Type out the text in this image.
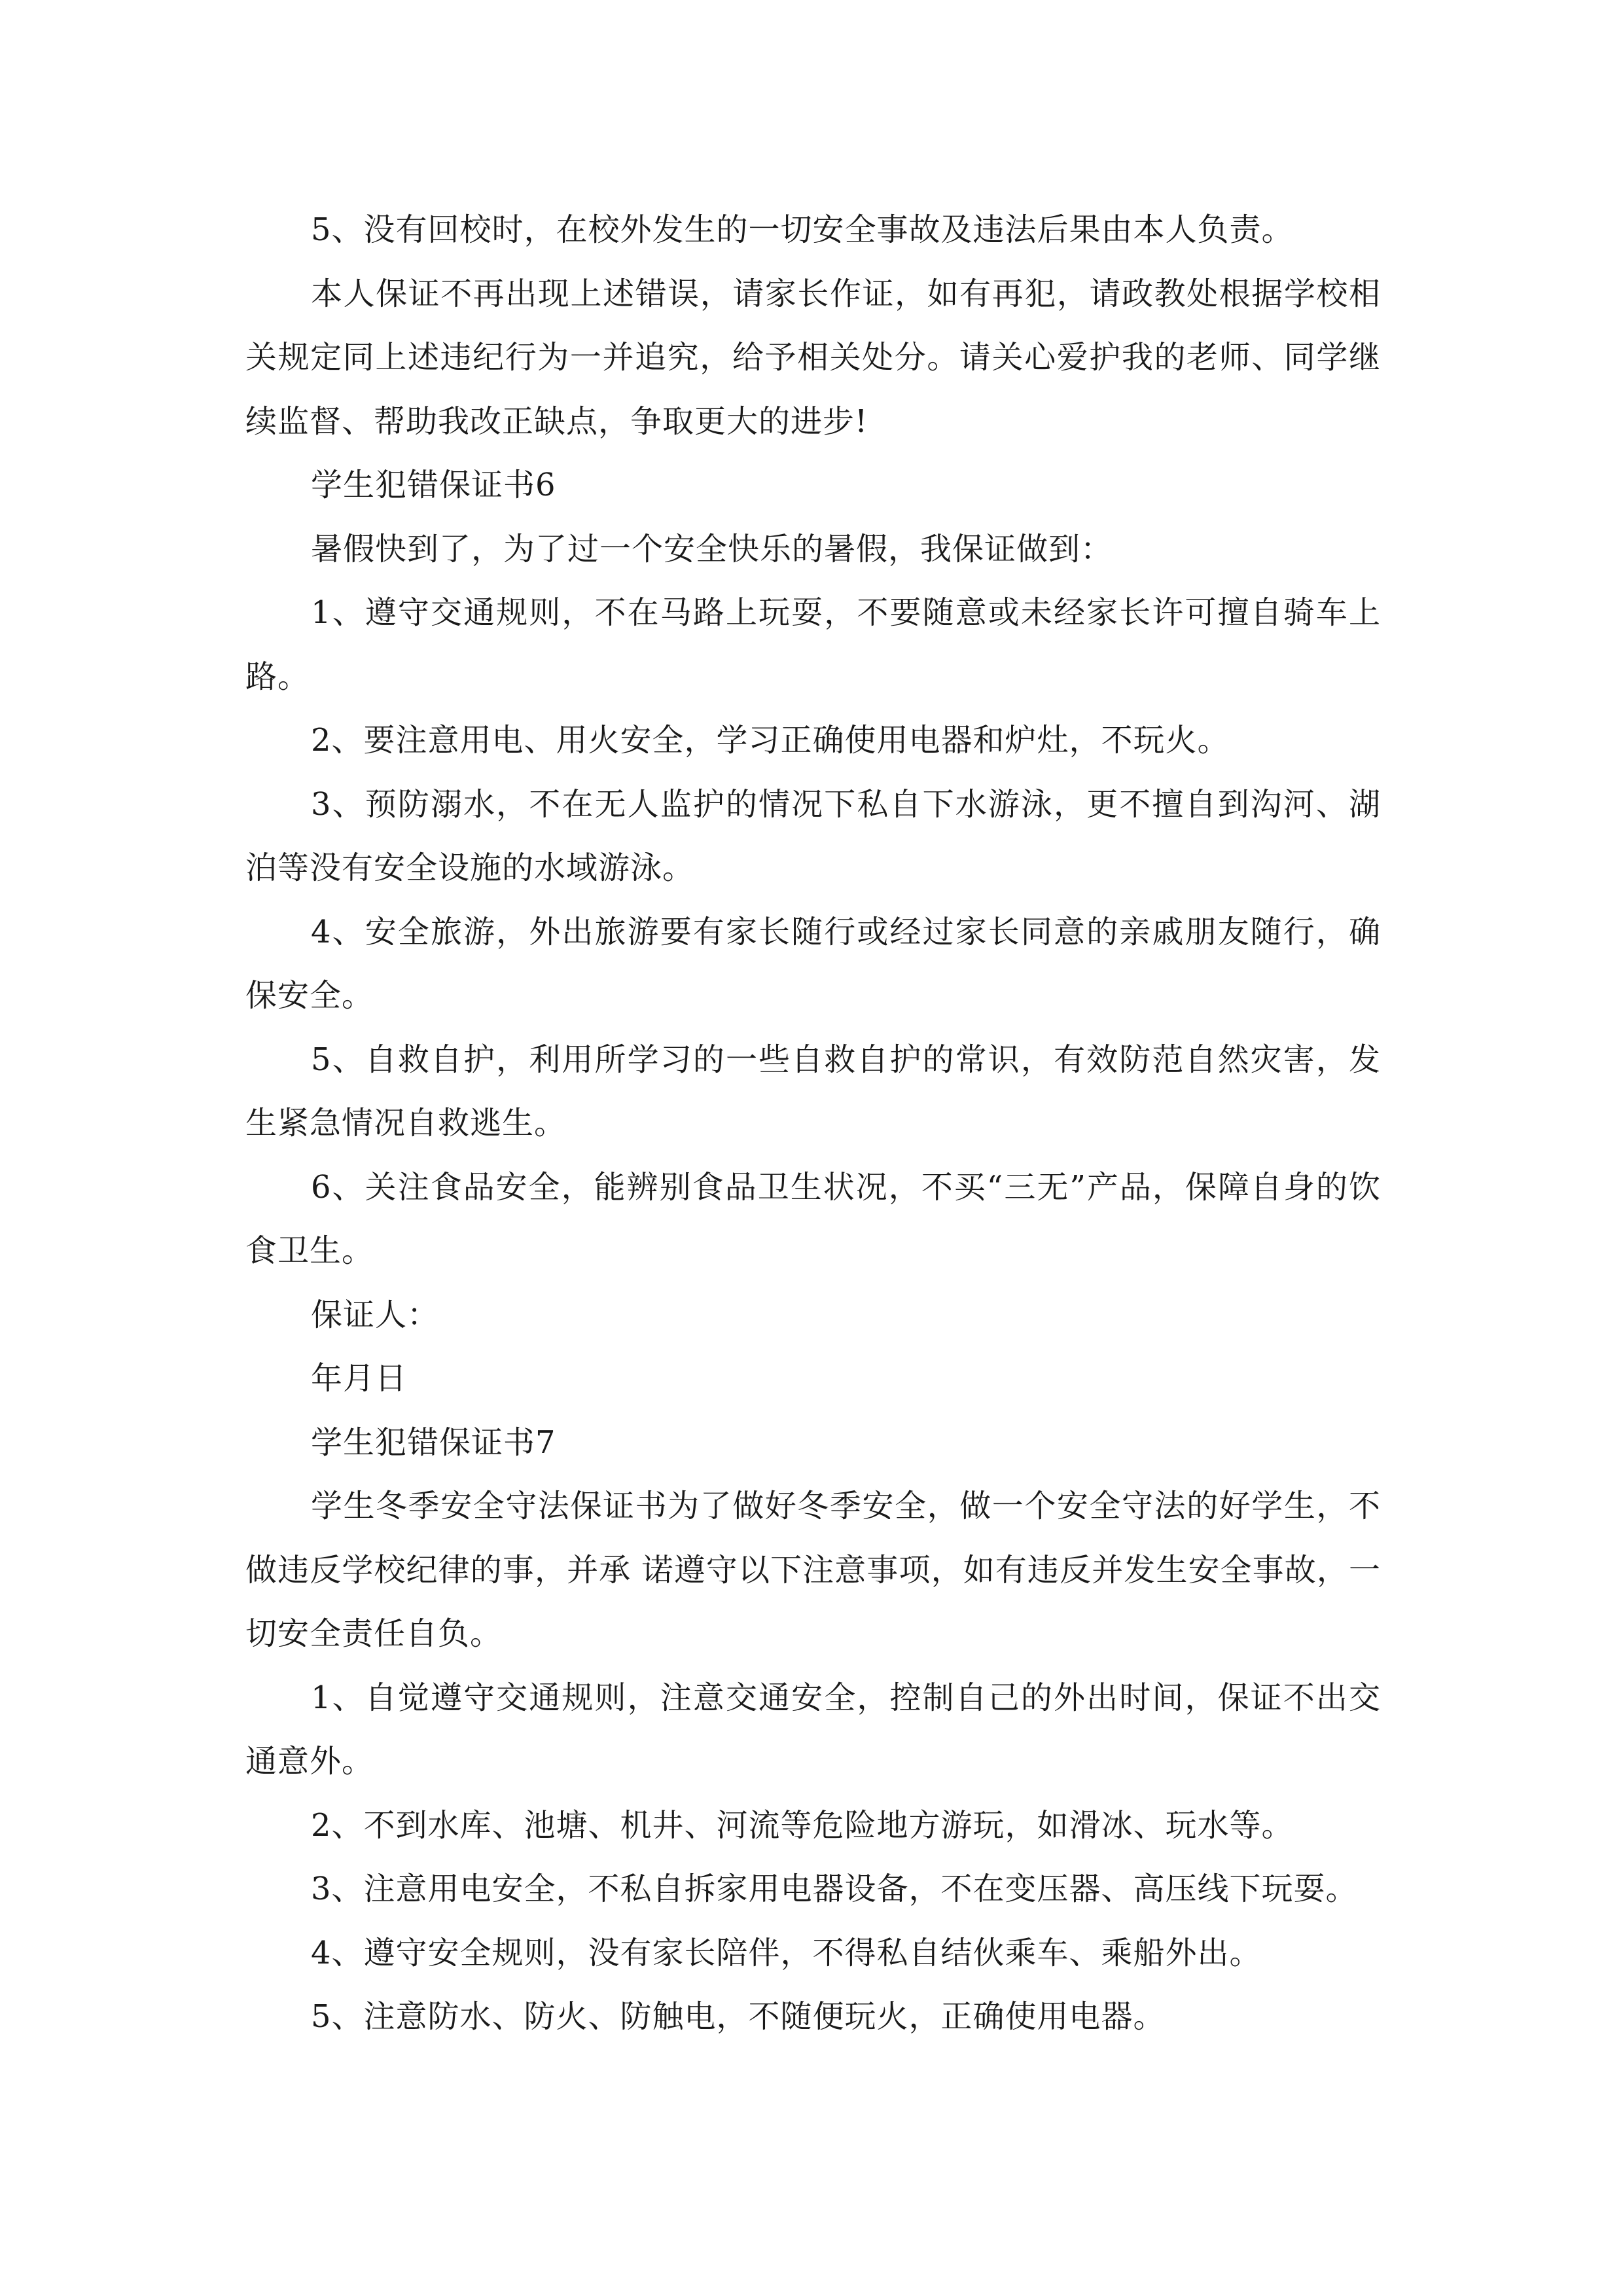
5、没有回校时，在校外发生的一切安全事故及违法后果由本人负责。

本人保证不再出现上述错误，请家长作证，如有再犯，请政教处根据学校相关规定同上述违纪行为一并追究，给予相关处分。请关心爱护我的老师、同学继续监督、帮助我改正缺点，争取更大的进步!

学生犯错保证书6

暑假快到了，为了过一个安全快乐的暑假，我保证做到：

1、遵守交通规则，不在马路上玩耍，不要随意或未经家长许可擅自骑车上路。

2、要注意用电、用火安全，学习正确使用电器和炉灶，不玩火。

3、预防溺水，不在无人监护的情况下私自下水游泳，更不擅自到沟河、湖泊等没有安全设施的水域游泳。

4、安全旅游，外出旅游要有家长随行或经过家长同意的亲戚朋友随行，确保安全。

5、自救自护，利用所学习的一些自救自护的常识，有效防范自然灾害，发生紧急情况自救逃生。

6、关注食品安全，能辨别食品卫生状况，不买“三无”产品，保障自身的饮食卫生。

保证人：

年月日

学生犯错保证书7

学生冬季安全守法保证书为了做好冬季安全，做一个安全守法的好学生，不做违反学校纪律的事，并承 诺遵守以下注意事项，如有违反并发生安全事故，一切安全责任自负。

1、自觉遵守交通规则，注意交通安全，控制自己的外出时间，保证不出交通意外。

2、不到水库、池塘、机井、河流等危险地方游玩，如滑冰、玩水等。

3、注意用电安全，不私自拆家用电器设备，不在变压器、高压线下玩耍。

4、遵守安全规则，没有家长陪伴，不得私自结伙乘车、乘船外出。

5、注意防水、防火、防触电，不随便玩火，正确使用电器。
